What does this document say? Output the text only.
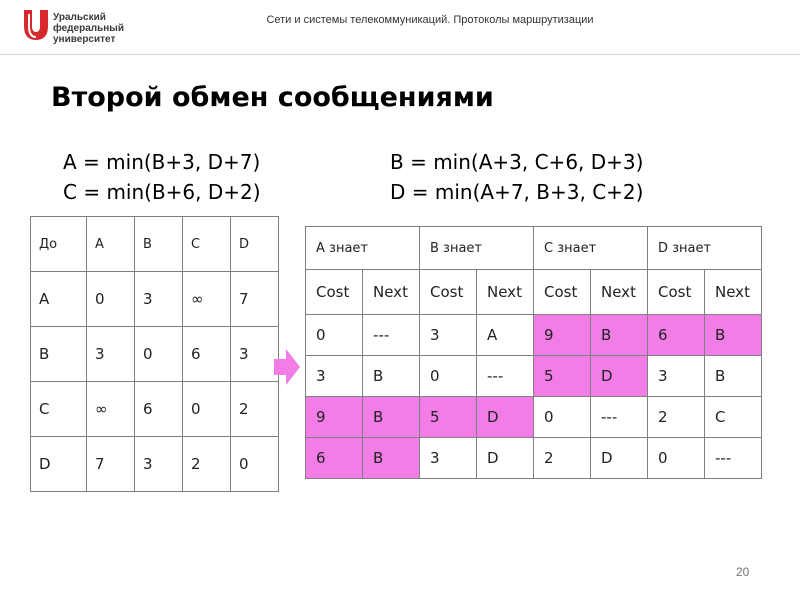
Уральский
федеральный
университет
Сети и системы телекоммуникаций. Протоколы маршрутизации
Второй обмен сообщениями
A = min(B+3, D+7)
C = min(B+6, D+2)
B = min(A+3, C+6, D+3)
D = min(A+7, B+3, C+2)
До	A	B	C	D
A	0	3	∞	7
B	3	0	6	3
C	∞	6	0	2
D	7	3	2	0
A знает		B знает		C знает		D знает	
Cost	Next	Cost	Next	Cost	Next	Cost	Next
0	---	3	A	9	B	6	B
3	B	0	---	5	D	3	B
9	B	5	D	0	---	2	C
6	B	3	D	2	D	0	---
20
